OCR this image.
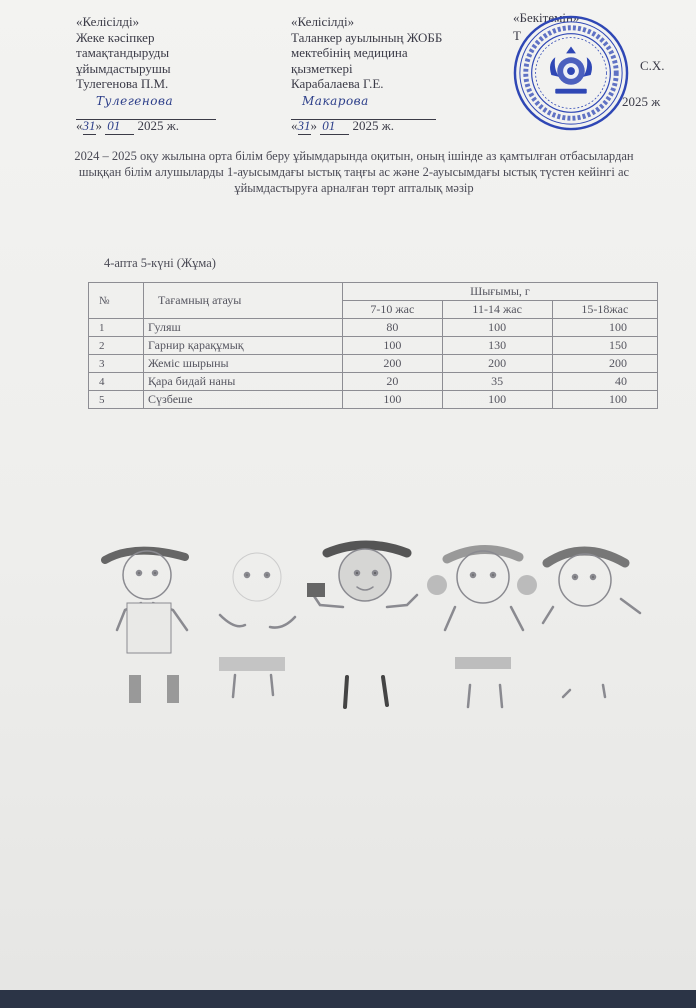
«Келісілді»
Жеке кәсіпкер
тамақтандыруды
ұйымдастырушы
Тулегенова П.М.
Тулегенова
«31» 01 2025 ж.
«Келісілді»
Таланкер ауылының ЖОББ
мектебінің медицина
қызметкері
Карабалаева Г.Е.
Макарова
«31» 01 2025 ж.
«Бекітемін»
Т
С.Х.
2025 ж
2024 – 2025 оқу жылына орта білім беру ұйымдарында оқитын, оның ішінде аз қамтылған отбасылардан шыққан білім алушыларды 1-ауысымдағы ыстық таңғы ас және 2-ауысымдағы ыстық түстен кейінгі ас ұйымдастыруға арналған төрт апталық мәзір
4-апта 5-күні (Жұма)
№	Тағамның атауы	Шығымы, г		
		7-10 жас	11-14 жас	15-18жас
1	Гуляш	80	100	100
2	Гарнир қарақұмық	100	130	150
3	Жеміс шырыны	200	200	200
4	Қара бидай наны	20	35	40
5	Сүзбеше	100	100	100
